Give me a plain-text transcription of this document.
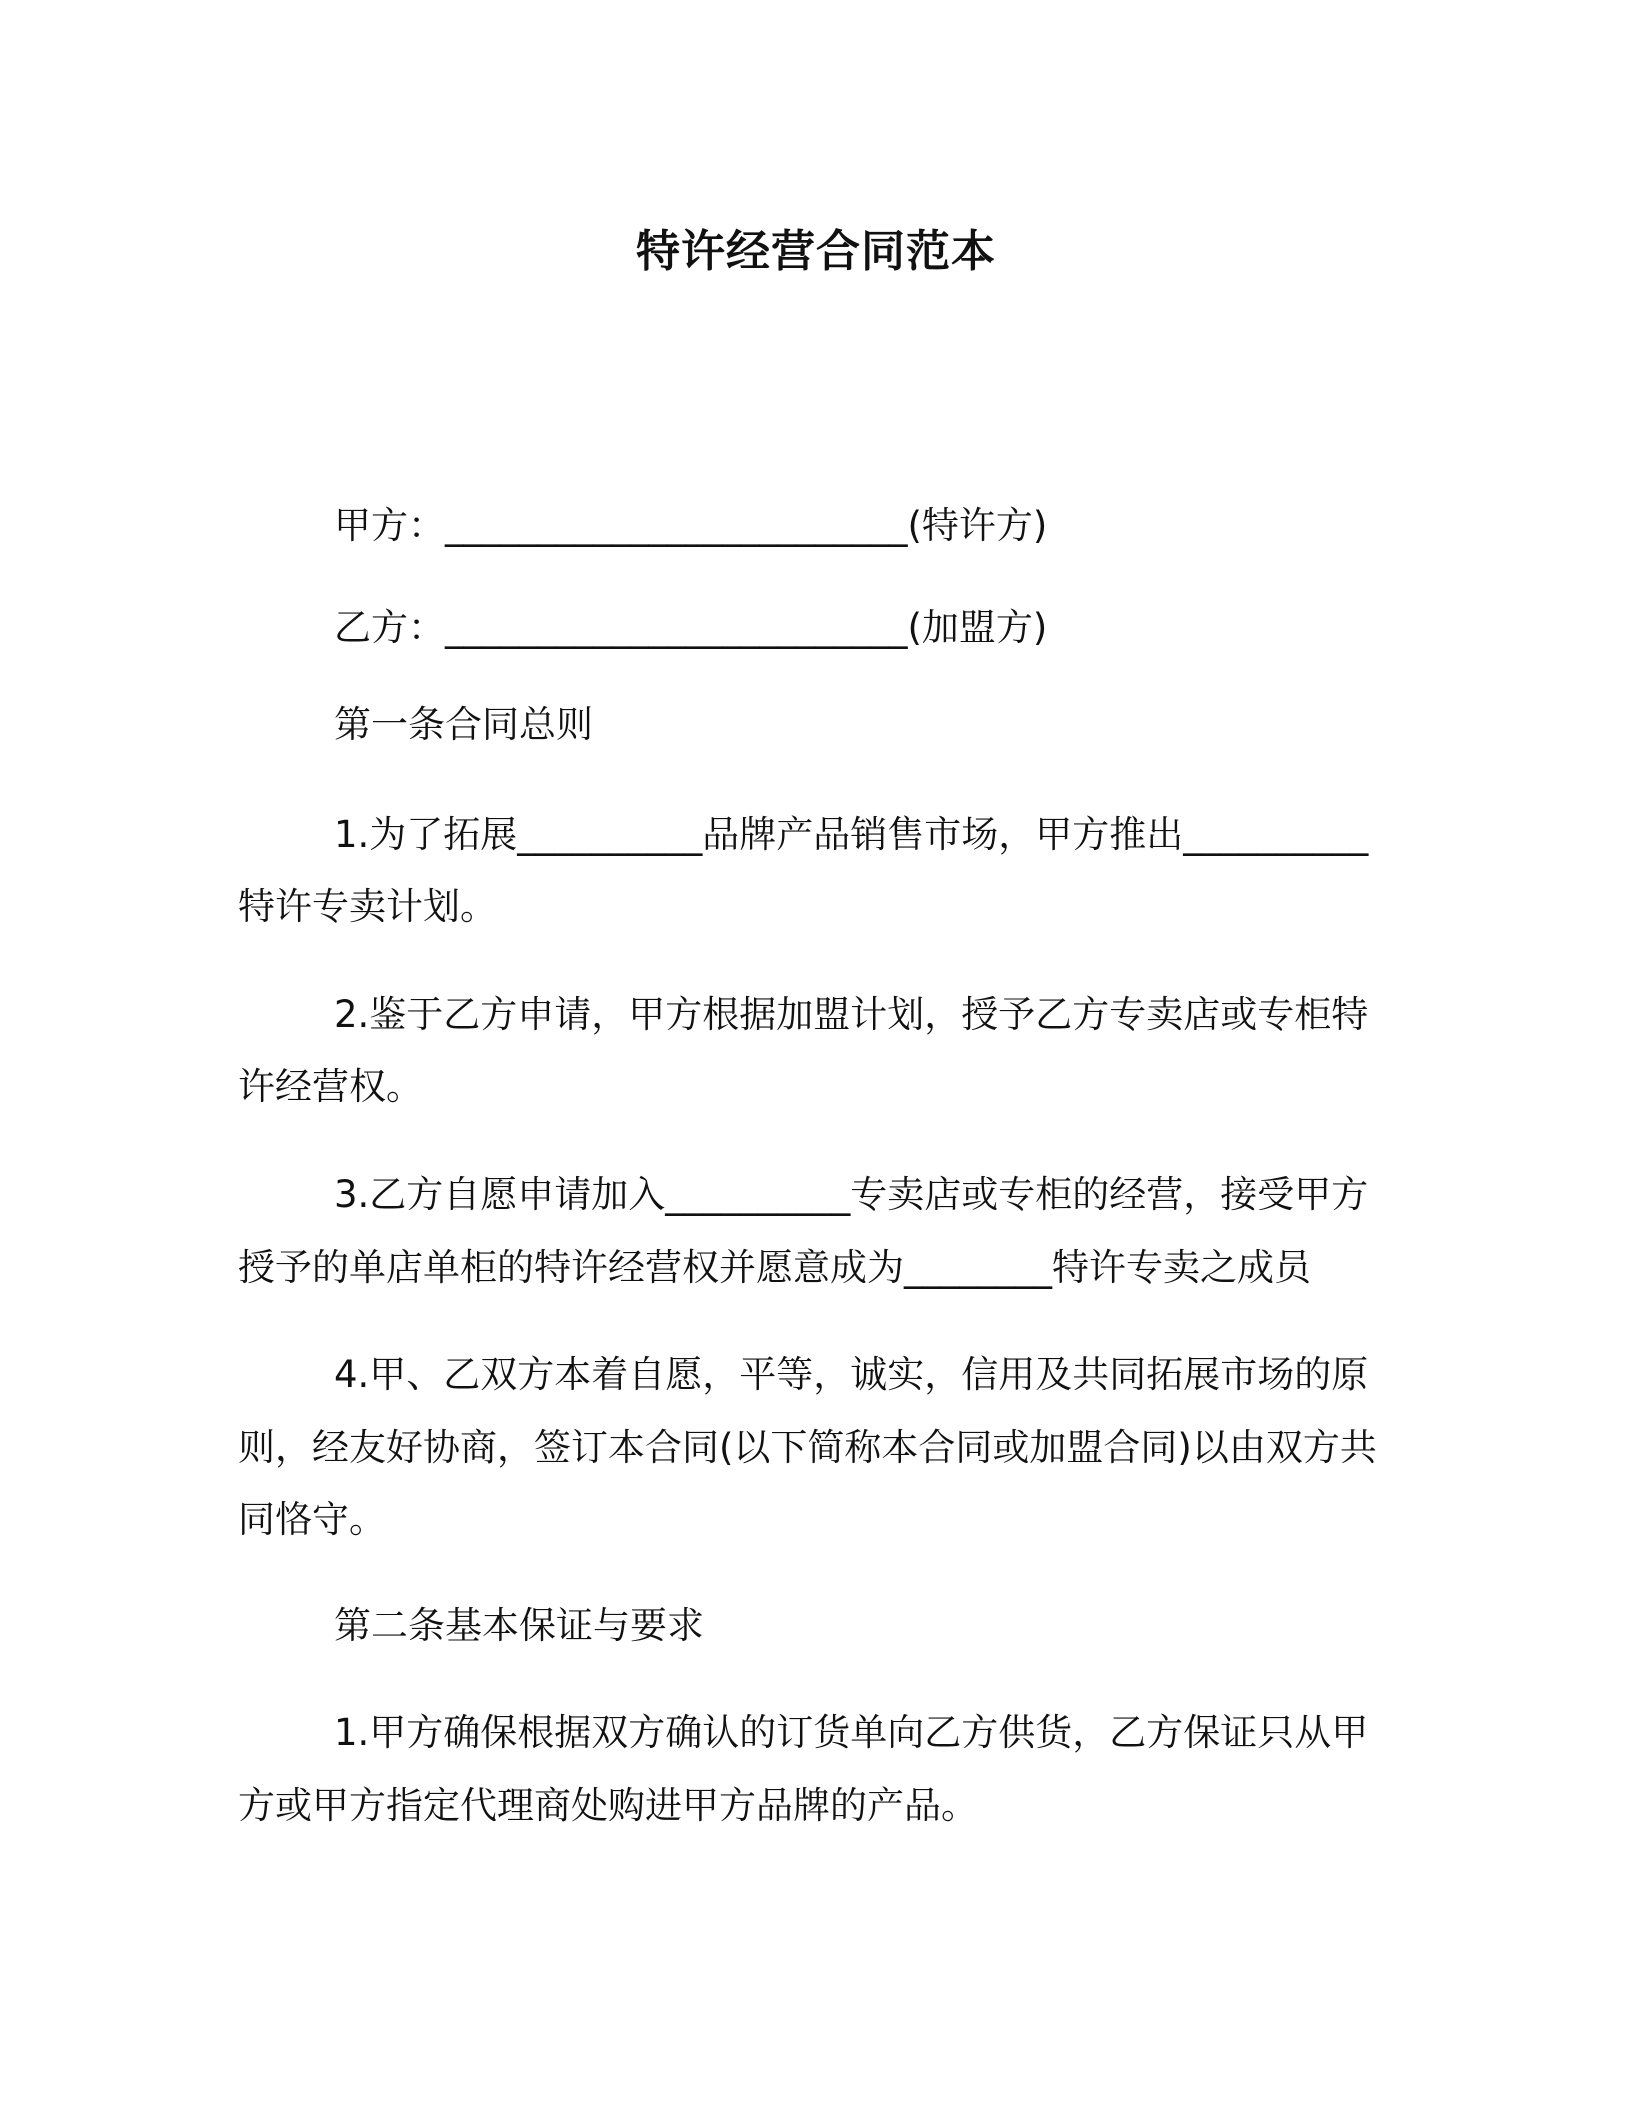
特许经营合同范本
甲方：_________________________(特许方)
乙方：_________________________(加盟方)
第一条合同总则
1.为了拓展__________品牌产品销售市场，甲方推出__________
特许专卖计划。
2.鉴于乙方申请，甲方根据加盟计划，授予乙方专卖店或专柜特
许经营权。
3.乙方自愿申请加入__________专卖店或专柜的经营，接受甲方
授予的单店单柜的特许经营权并愿意成为________特许专卖之成员
4.甲、乙双方本着自愿，平等，诚实，信用及共同拓展市场的原
则，经友好协商，签订本合同(以下简称本合同或加盟合同)以由双方共
同恪守。
第二条基本保证与要求
1.甲方确保根据双方确认的订货单向乙方供货，乙方保证只从甲
方或甲方指定代理商处购进甲方品牌的产品。
